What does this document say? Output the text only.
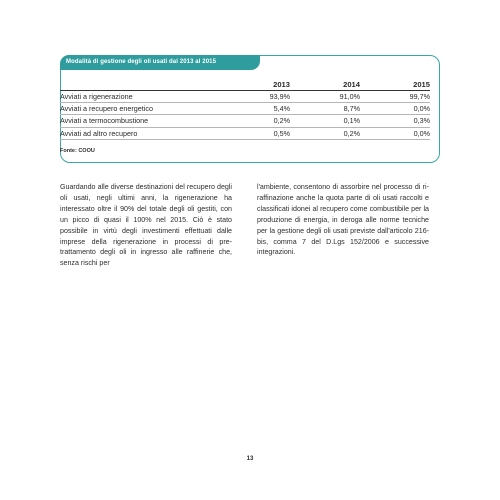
Modalità di gestione degli oli usati dal 2013 al 2015
	2013	2014	2015
Avviati a rigenerazione	93,9%	91,0%	99,7%
Avviati a recupero energetico	5,4%	8,7%	0,0%
Avviati a termocombustione	0,2%	0,1%	0,3%
Avviati ad altro recupero	0,5%	0,2%	0,0%
Fonte: COOU
Guardando alle diverse destinazioni del recupero degli oli usati, negli ultimi anni, la rigenerazione ha interessato oltre il 90% del totale degli oli gestiti, con un picco di quasi il 100% nel 2015. Ciò è stato possibile in virtù degli investimenti effettuati dalle imprese della rigenerazione in processi di pre-trattamento degli oli in ingresso alle raffinerie che, senza rischi per
l'ambiente, consentono di assorbire nel processo di ri-raffinazione anche la quota parte di oli usati raccolti e classificati idonei al recupero come combustibile per la produzione di energia, in deroga alle norme tecniche per la gestione degli oli usati previste dall'articolo 216-bis, comma 7 del D.Lgs 152/2006 e successive integrazioni.
13
